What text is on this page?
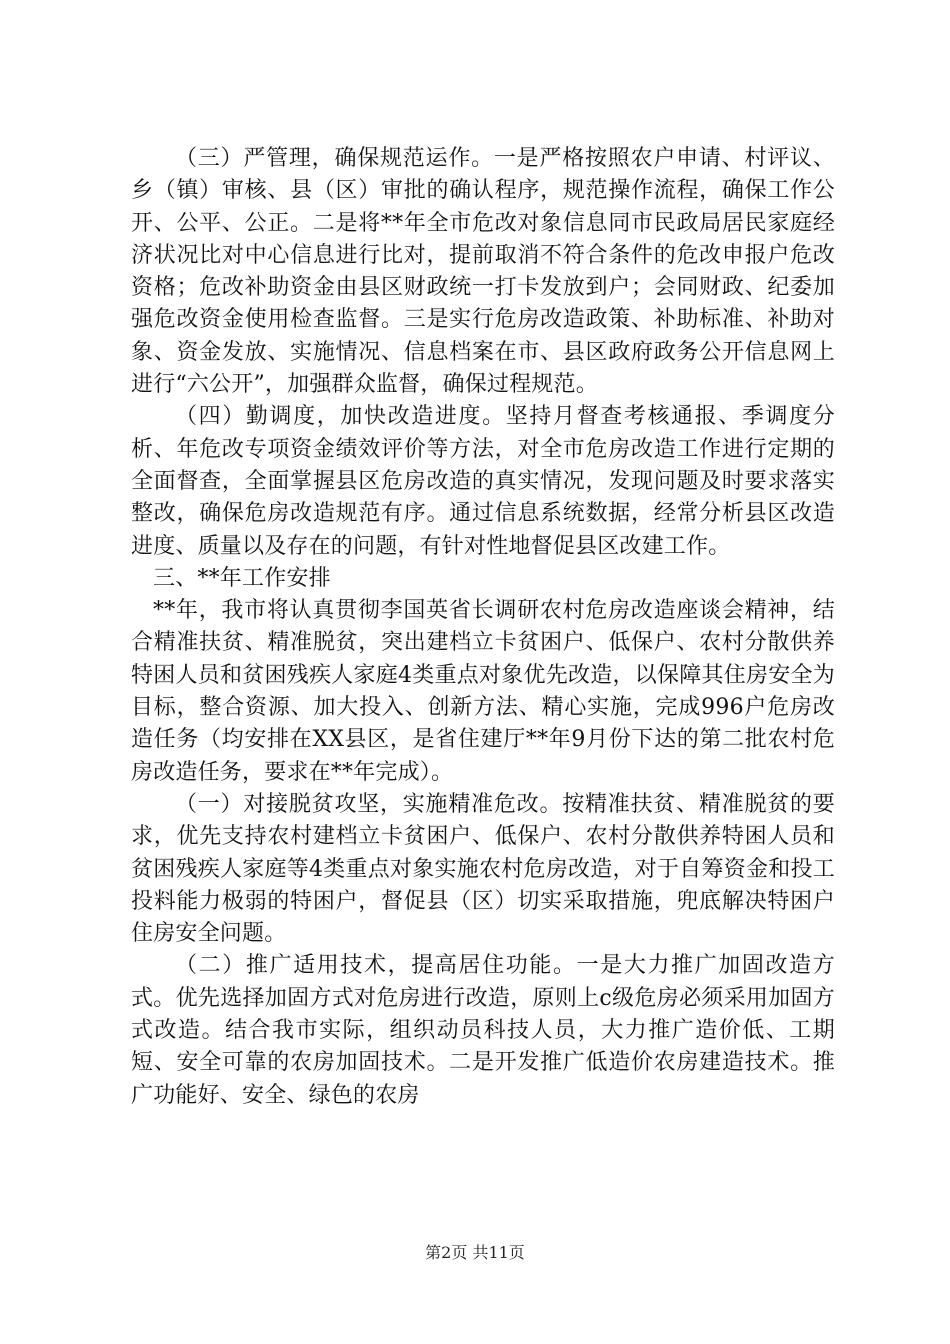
（三）严管理，确保规范运作。一是严格按照农户申请、村评议、乡（镇）审核、县（区）审批的确认程序，规范操作流程，确保工作公开、公平、公正。二是将**年全市危改对象信息同市民政局居民家庭经济状况比对中心信息进行比对，提前取消不符合条件的危改申报户危改资格；危改补助资金由县区财政统一打卡发放到户；会同财政、纪委加强危改资金使用检查监督。三是实行危房改造政策、补助标准、补助对象、资金发放、实施情况、信息档案在市、县区政府政务公开信息网上进行“六公开”，加强群众监督，确保过程规范。

（四）勤调度，加快改造进度。坚持月督查考核通报、季调度分析、年危改专项资金绩效评价等方法，对全市危房改造工作进行定期的全面督查，全面掌握县区危房改造的真实情况，发现问题及时要求落实整改，确保危房改造规范有序。通过信息系统数据，经常分析县区改造进度、质量以及存在的问题，有针对性地督促县区改建工作。

三、**年工作安排

**年，我市将认真贯彻李国英省长调研农村危房改造座谈会精神，结合精准扶贫、精准脱贫，突出建档立卡贫困户、低保户、农村分散供养特困人员和贫困残疾人家庭4类重点对象优先改造，以保障其住房安全为目标，整合资源、加大投入、创新方法、精心实施，完成996户危房改造任务（均安排在XX县区，是省住建厅**年9月份下达的第二批农村危房改造任务，要求在**年完成）。

（一）对接脱贫攻坚，实施精准危改。按精准扶贫、精准脱贫的要求，优先支持农村建档立卡贫困户、低保户、农村分散供养特困人员和贫困残疾人家庭等4类重点对象实施农村危房改造，对于自筹资金和投工投料能力极弱的特困户，督促县（区）切实采取措施，兜底解决特困户住房安全问题。

（二）推广适用技术，提高居住功能。一是大力推广加固改造方式。优先选择加固方式对危房进行改造，原则上c级危房必须采用加固方式改造。结合我市实际，组织动员科技人员，大力推广造价低、工期短、安全可靠的农房加固技术。二是开发推广低造价农房建造技术。推广功能好、安全、绿色的农房

第2页 共11页
